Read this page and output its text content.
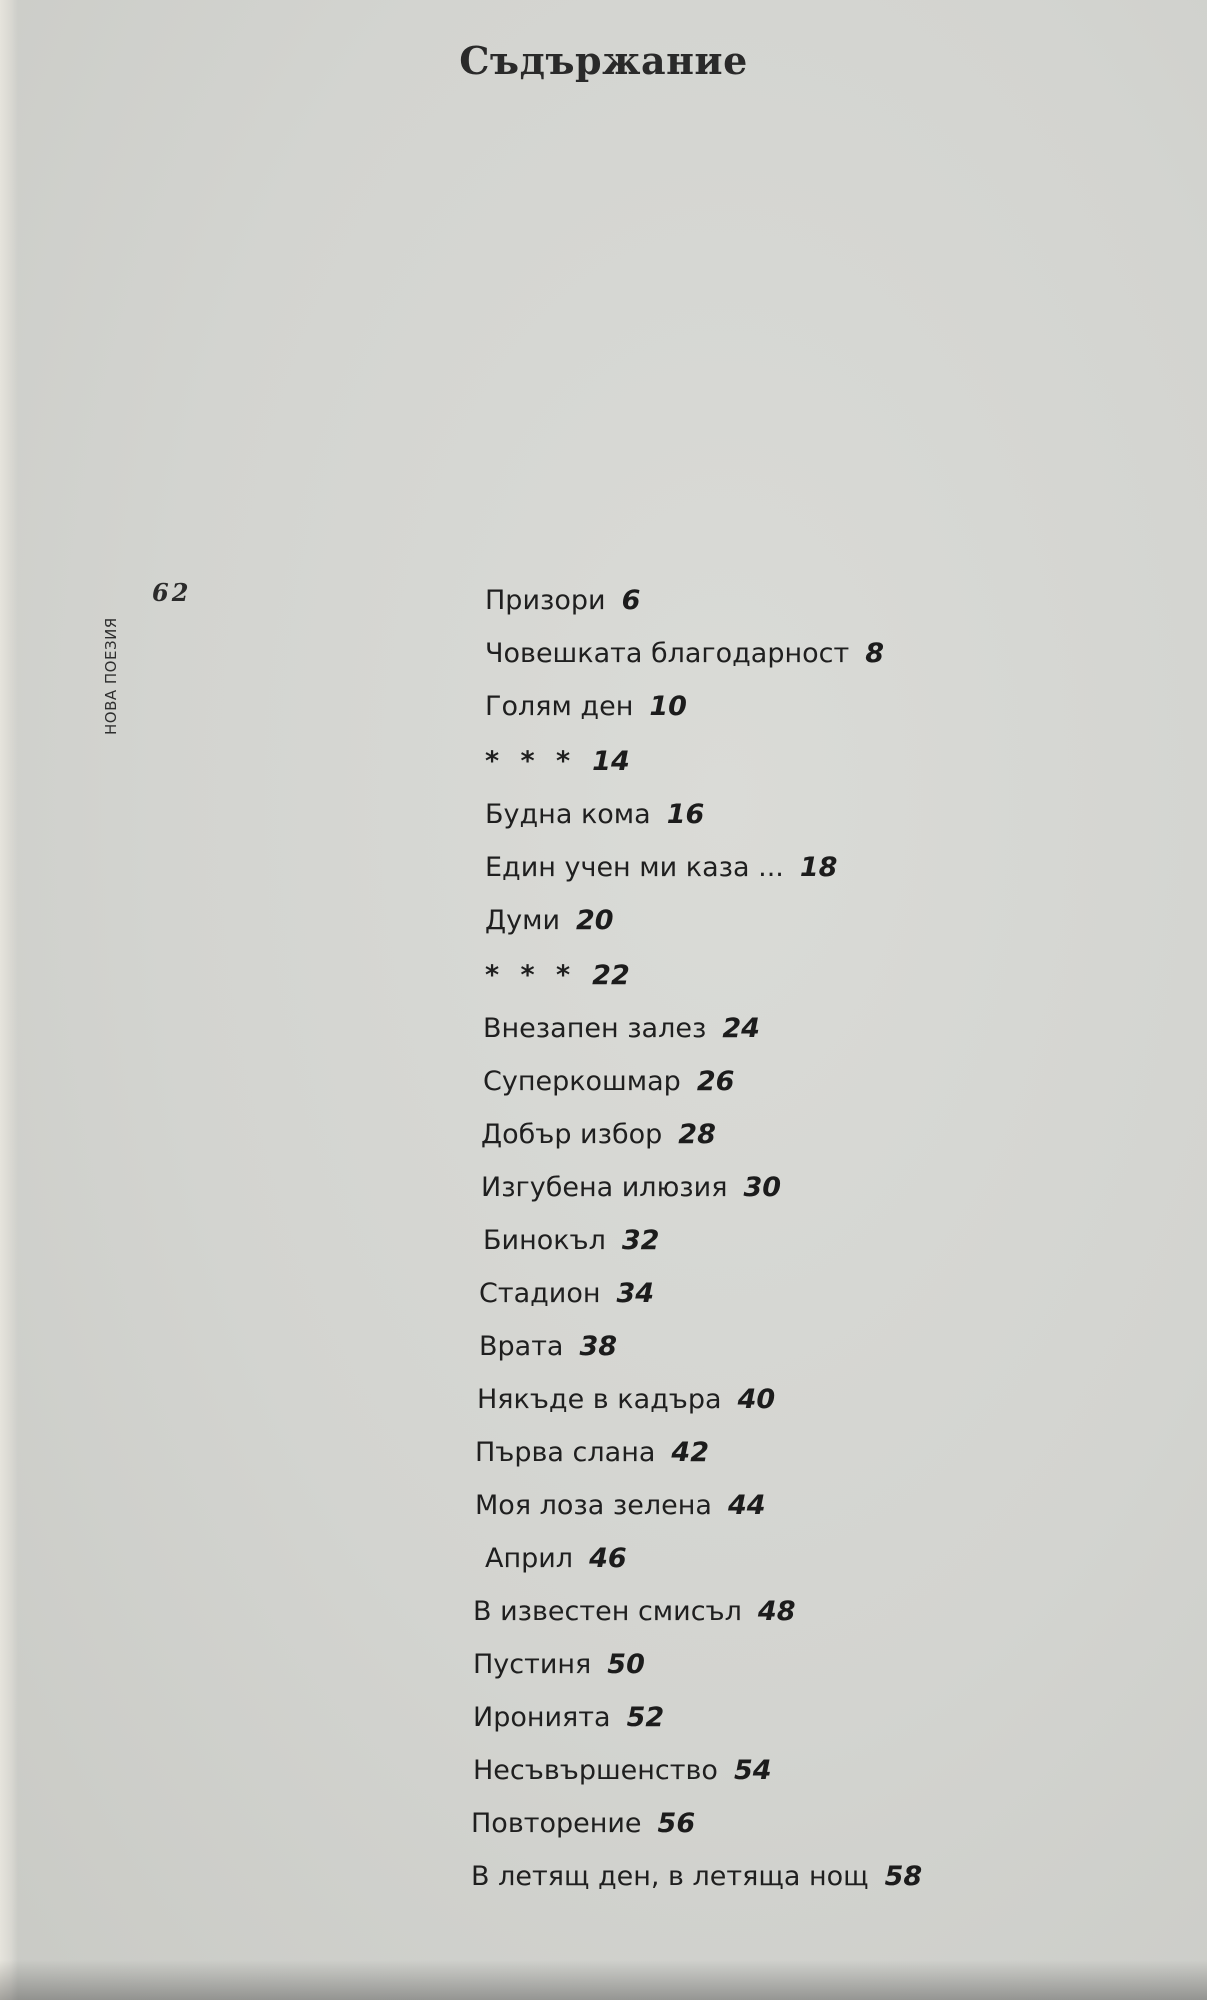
Съдържание
62
НОВА ПОЕЗИЯ
Призори 6
Човешката благодарност 8
Голям ден 10
* * * 14
Будна кома 16
Един учен ми каза ... 18
Думи 20
* * * 22
Внезапен залез 24
Суперкошмар 26
Добър избор 28
Изгубена илюзия 30
Бинокъл 32
Стадион 34
Врата 38
Някъде в кадъра 40
Първа слана 42
Моя лоза зелена 44
Април 46
В известен смисъл 48
Пустиня 50
Иронията 52
Несъвършенство 54
Повторение 56
В летящ ден, в летяща нощ 58
